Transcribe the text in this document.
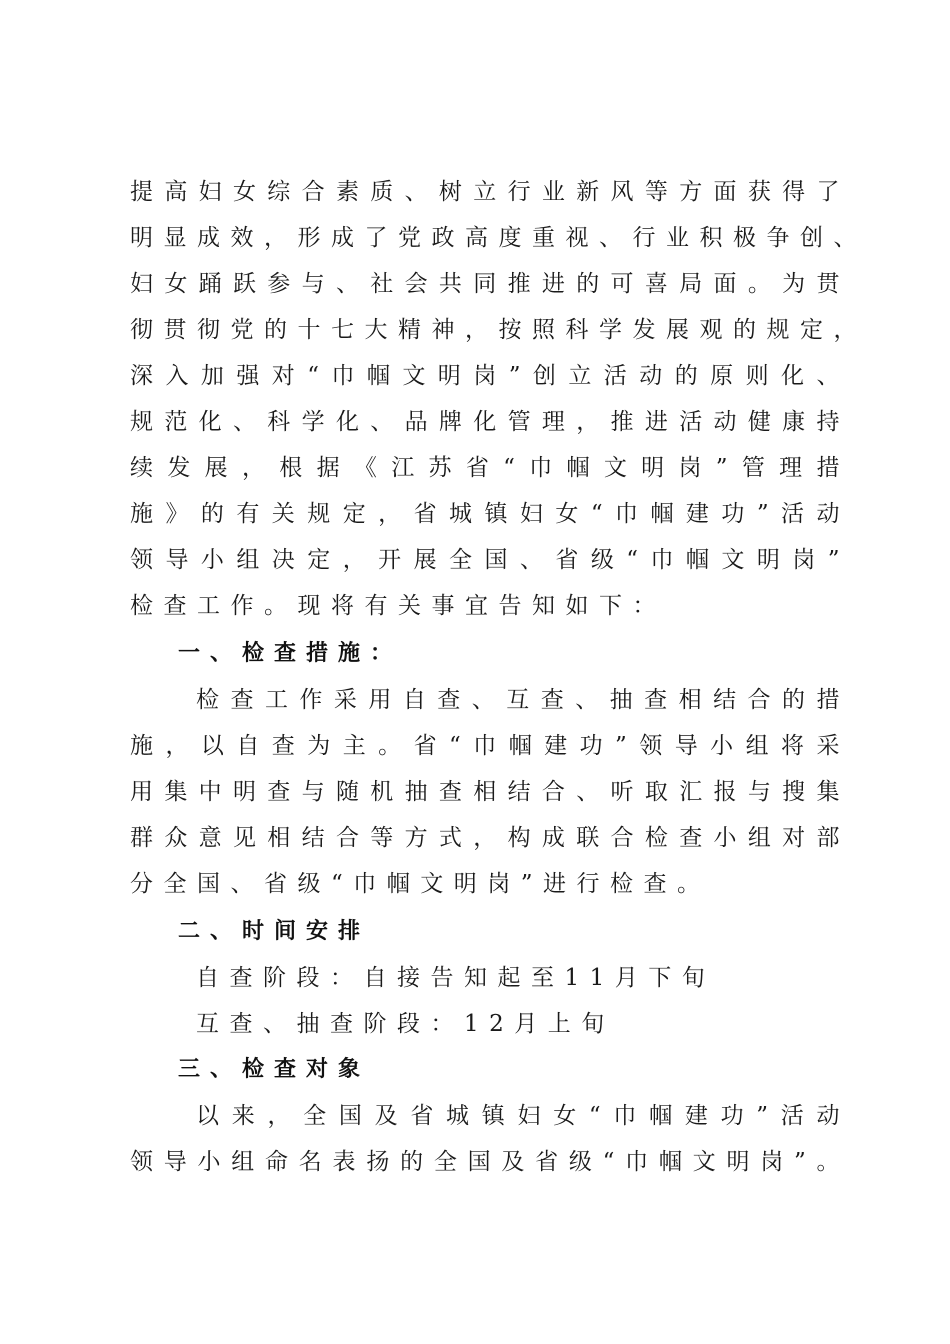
提高妇女综合素质、树立行业新风等方面获得了
明显成效，形成了党政高度重视、行业积极争创、
妇女踊跃参与、社会共同推进的可喜局面。为贯
彻贯彻党的十七大精神，按照科学发展观的规定，
深入加强对“巾帼文明岗”创立活动的原则化、
规范化、科学化、品牌化管理，推进活动健康持
续发展，根据《江苏省“巾帼文明岗”管理措
施》的有关规定，省城镇妇女“巾帼建功”活动
领导小组决定，开展全国、省级“巾帼文明岗”
检查工作。现将有关事宜告知如下：
一、检查措施：
检查工作采用自查、互查、抽查相结合的措
施，以自查为主。省“巾帼建功”领导小组将采
用集中明查与随机抽查相结合、听取汇报与搜集
群众意见相结合等方式，构成联合检查小组对部
分全国、省级“巾帼文明岗”进行检查。
二、时间安排
自查阶段：自接告知起至11月下旬
互查、抽查阶段：12月上旬
三、检查对象
以来，全国及省城镇妇女“巾帼建功”活动
领导小组命名表扬的全国及省级“巾帼文明岗”。
